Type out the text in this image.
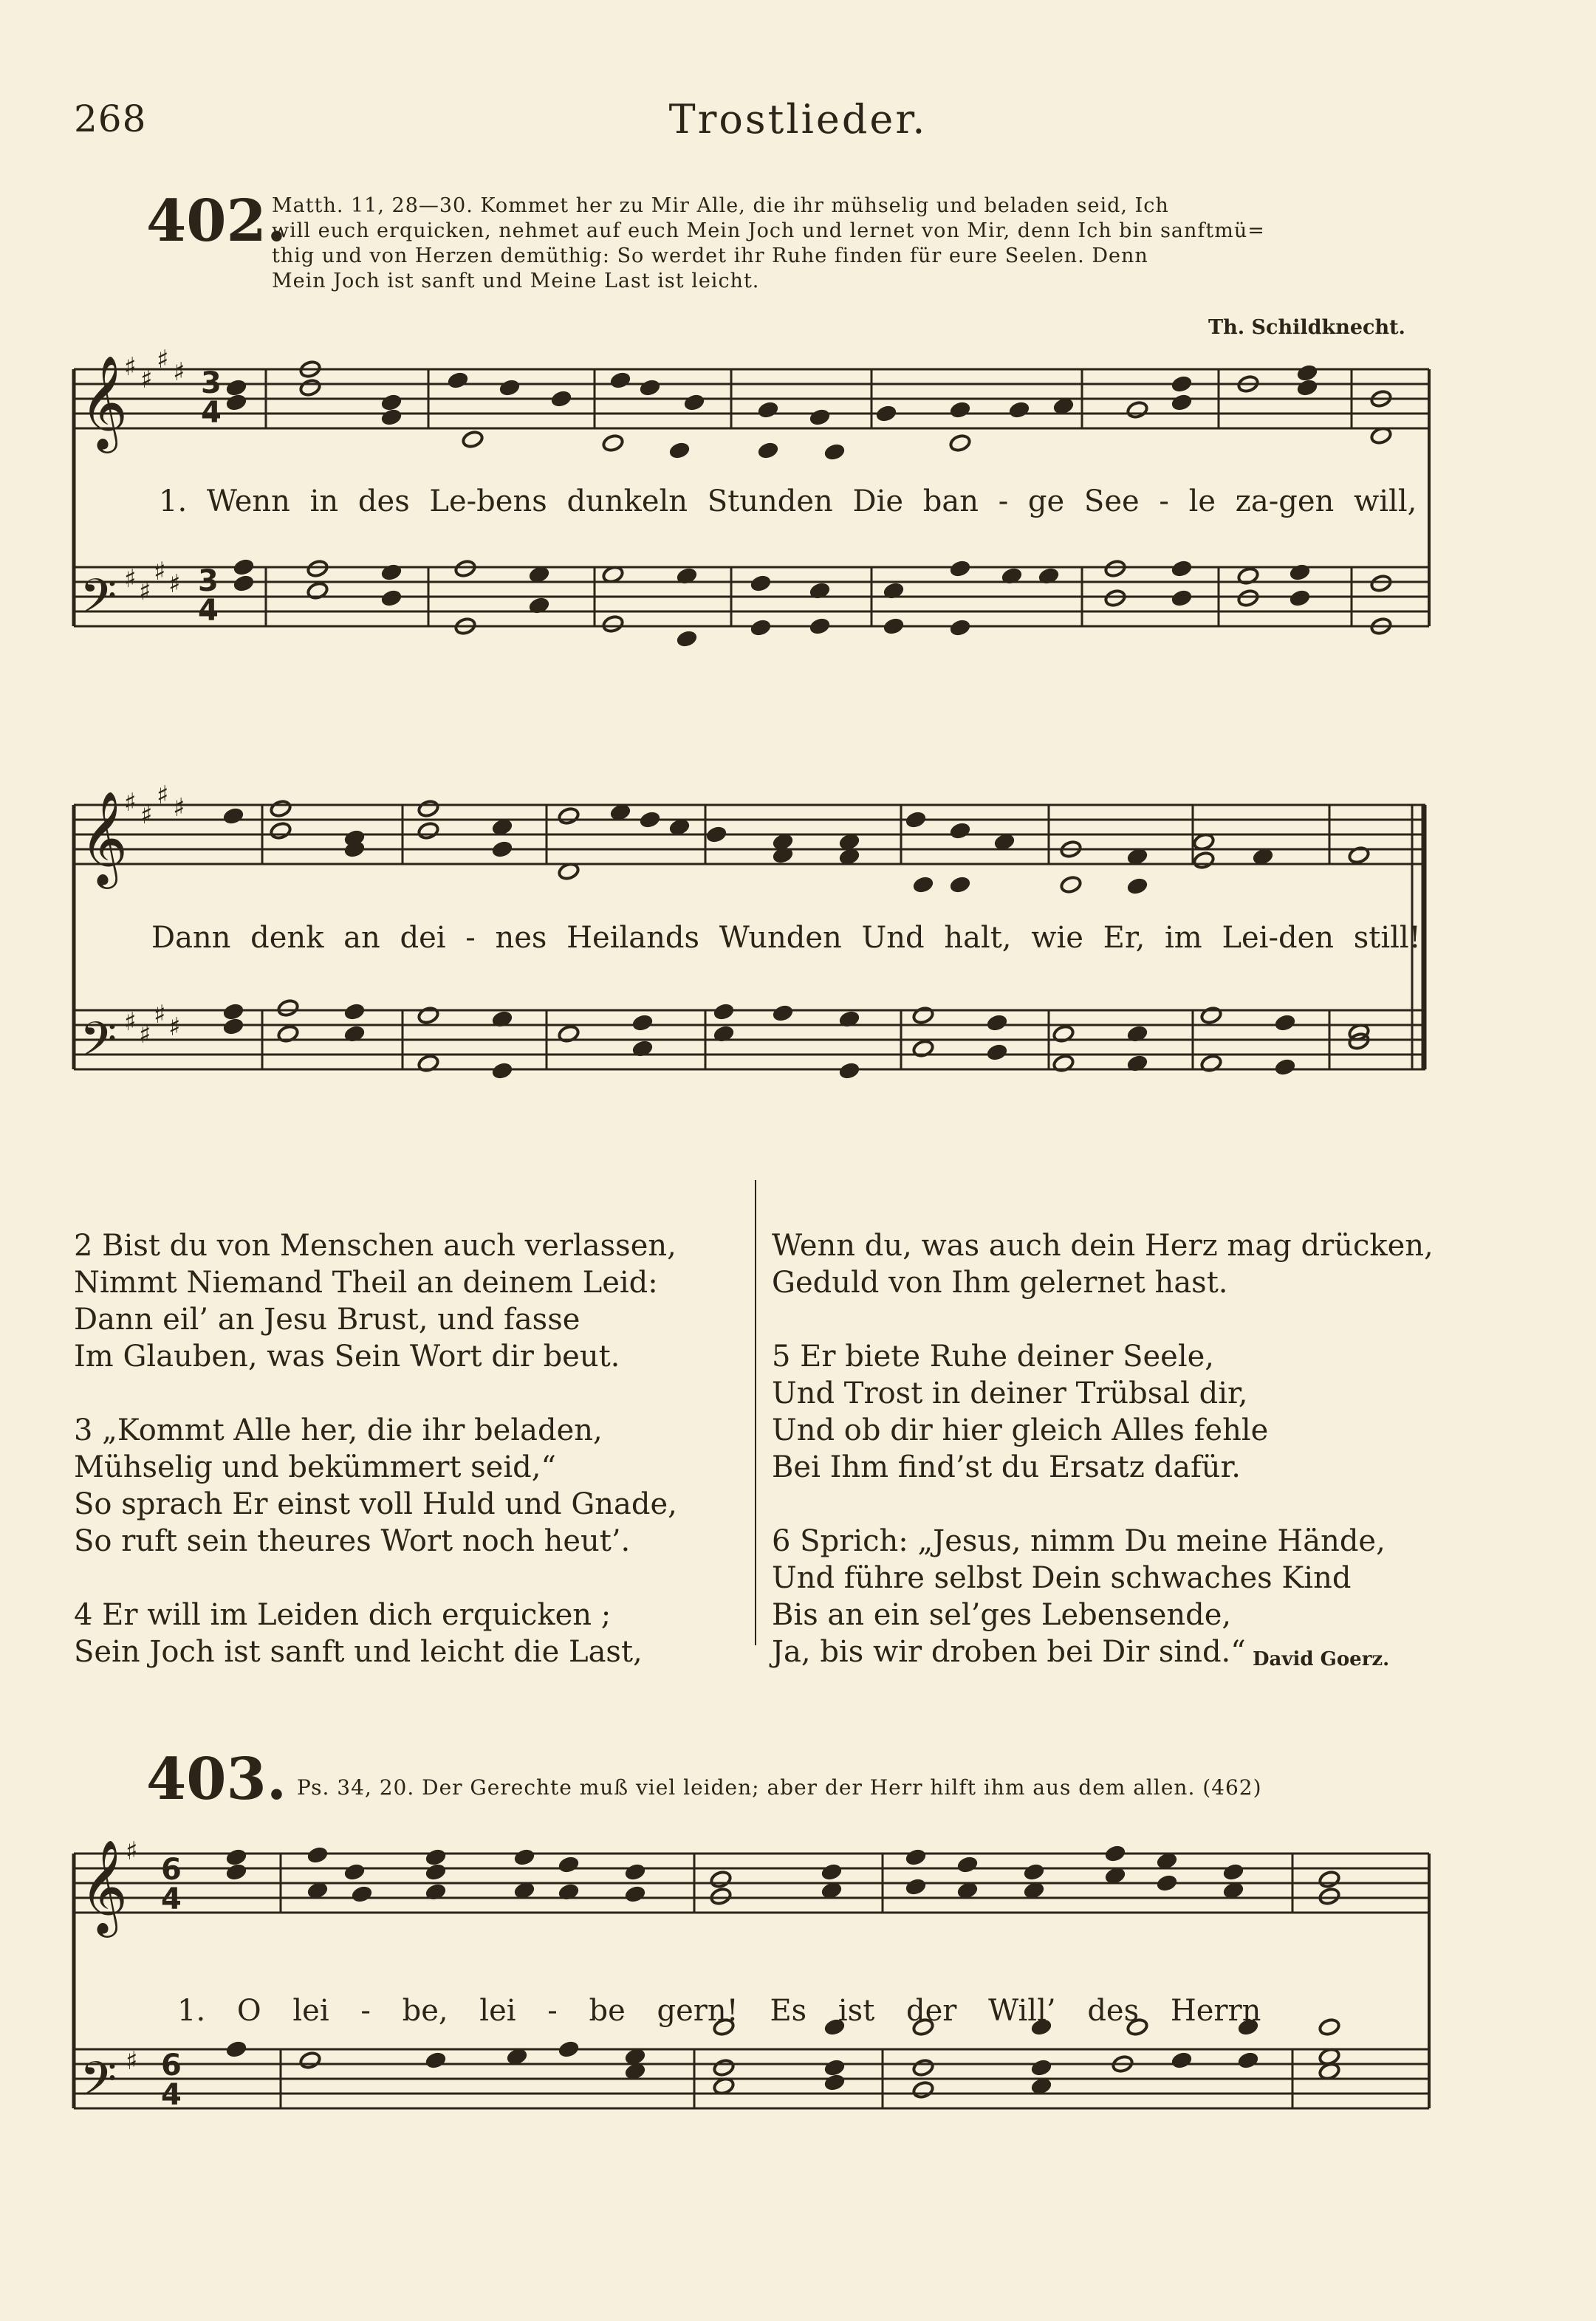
268	Trostlieder.
402.
Matth. 11, 28—30. Kommet her zu Mir Alle, die ihr mühselig und beladen seid, Ich
will euch erquicken, nehmet auf euch Mein Joch und lernet von Mir, denn Ich bin sanftmü=
thig und von Herzen demüthig: So werdet ihr Ruhe finden für eure Seelen. Denn
Mein Joch ist sanft und Meine Last ist leicht.
Th. Schildknecht.
𝄞
𝄢
𝄞
𝄢
𝄞
𝄢
♯ ♯
♯ ♯
♯ ♯
♯ ♯
♯ ♯
♯ ♯
♯ ♯
♯ ♯
♯
♯
3
4
3
4
6
4
6
4
1. Wenn in des Le-bens dunkeln Stunden Die ban - ge See - le za-gen will,
Dann denk an dei - nes Heilands Wunden Und halt, wie Er, im Lei-den still!

2 Bist du von Menschen auch verlassen,
Nimmt Niemand Theil an deinem Leid:
Dann eil’ an Jesu Brust, und fasse
Im Glauben, was Sein Wort dir beut.

3 „Kommt Alle her, die ihr beladen,
Mühselig und bekümmert seid,“
So sprach Er einst voll Huld und Gnade,
So ruft sein theures Wort noch heut’.

4 Er will im Leiden dich erquicken ;
Sein Joch ist sanft und leicht die Last,

Wenn du, was auch dein Herz mag drücken,
Geduld von Ihm gelernet hast.

5 Er biete Ruhe deiner Seele,
Und Trost in deiner Trübsal dir,
Und ob dir hier gleich Alles fehle
Bei Ihm find’st du Ersatz dafür.

6 Sprich: „Jesus, nimm Du meine Hände,
Und führe selbst Dein schwaches Kind
Bis an ein sel’ges Lebensende,
Ja, bis wir droben bei Dir sind.“ David Goerz.
403. Ps. 34, 20. Der Gerechte muß viel leiden; aber der Herr hilft ihm aus dem allen. (462)
1. O lei - be, lei - be gern! Es ist der Will’ des Herrn
